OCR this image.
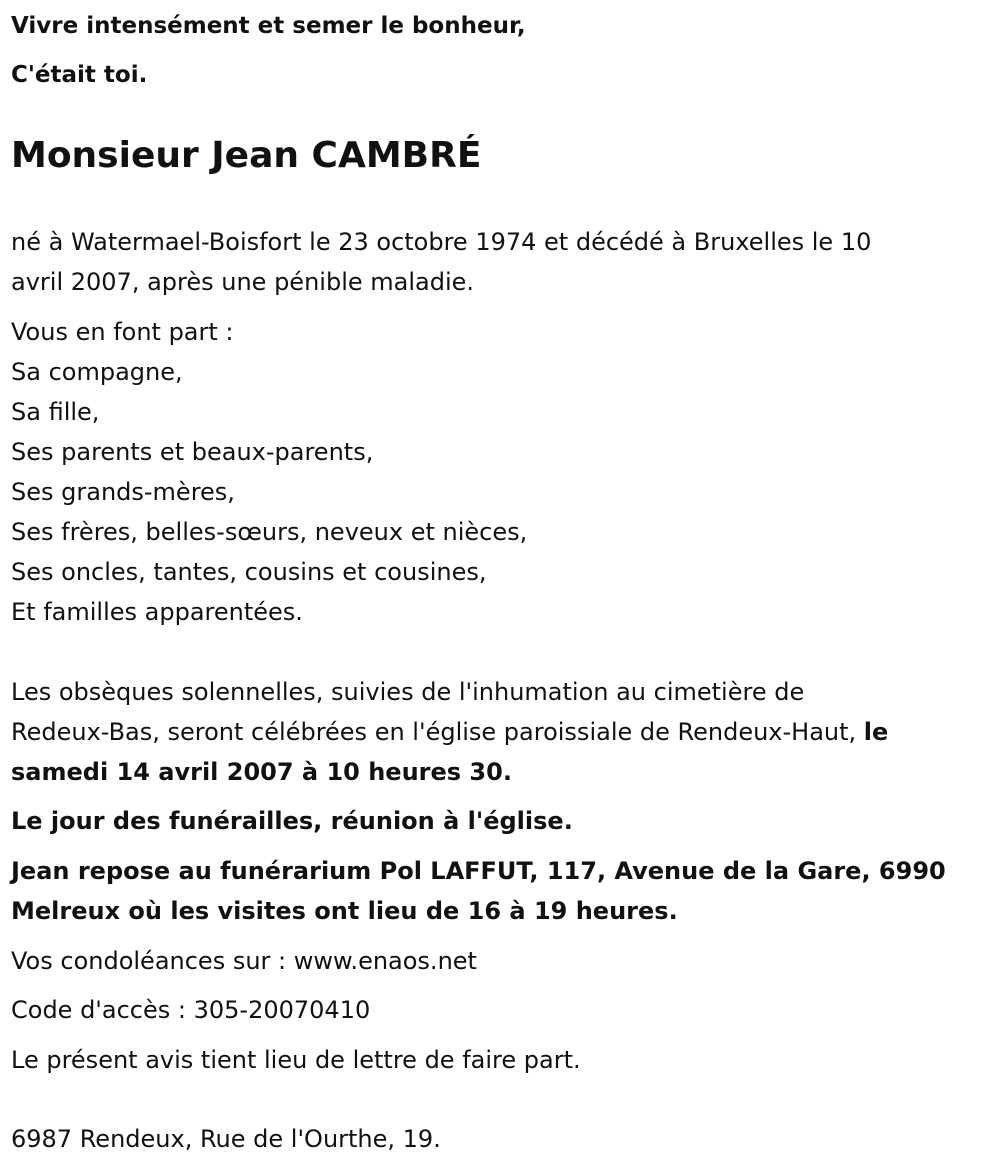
Vivre intensément et semer le bonheur,
C'était toi.
Monsieur Jean CAMBRÉ
né à Watermael-Boisfort le 23 octobre 1974 et décédé à Bruxelles le 10
avril 2007, après une pénible maladie.
Vous en font part :
Sa compagne,
Sa fille,
Ses parents et beaux-parents,
Ses grands-mères,
Ses frères, belles-sœurs, neveux et nièces,
Ses oncles, tantes, cousins et cousines,
Et familles apparentées.
Les obsèques solennelles, suivies de l'inhumation au cimetière de
Redeux-Bas, seront célébrées en l'église paroissiale de Rendeux-Haut, le
samedi 14 avril 2007 à 10 heures 30.
Le jour des funérailles, réunion à l'église.
Jean repose au funérarium Pol LAFFUT, 117, Avenue de la Gare, 6990
Melreux où les visites ont lieu de 16 à 19 heures.
Vos condoléances sur : www.enaos.net
Code d'accès : 305-20070410
Le présent avis tient lieu de lettre de faire part.
6987 Rendeux, Rue de l'Ourthe, 19.
